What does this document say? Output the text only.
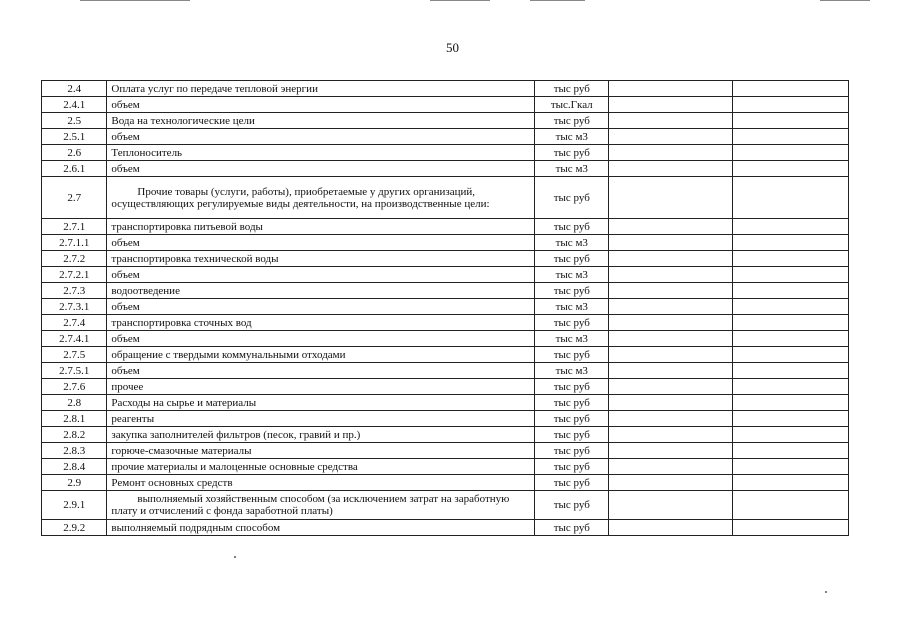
50
2.4	Оплата услуг по передаче тепловой энергии	тыс руб		
2.4.1	объем	тыс.Гкал		
2.5	Вода на технологические цели	тыс руб		
2.5.1	объем	тыс м3		
2.6	Теплоноситель	тыс руб		
2.6.1	объем	тыс м3		
2.7	Прочие товары (услуги, работы), приобретаемые у других организаций, осуществляющих регулируемые виды деятельности, на производственные цели:	тыс руб		
2.7.1	транспортировка питьевой воды	тыс руб		
2.7.1.1	объем	тыс м3		
2.7.2	транспортировка технической воды	тыс руб		
2.7.2.1	объем	тыс м3		
2.7.3	водоотведение	тыс руб		
2.7.3.1	объем	тыс м3		
2.7.4	транспортировка сточных вод	тыс руб		
2.7.4.1	объем	тыс м3		
2.7.5	обращение с твердыми коммунальными отходами	тыс руб		
2.7.5.1	объем	тыс м3		
2.7.6	прочее	тыс руб		
2.8	Расходы на сырье и материалы	тыс руб		
2.8.1	реагенты	тыс руб		
2.8.2	закупка заполнителей фильтров (песок, гравий и пр.)	тыс руб		
2.8.3	горюче-смазочные материалы	тыс руб		
2.8.4	прочие материалы и малоценные основные средства	тыс руб		
2.9	Ремонт основных средств	тыс руб		
2.9.1	выполняемый хозяйственным способом (за исключением затрат на заработную плату и отчислений с фонда заработной платы)	тыс руб		
2.9.2	выполняемый подрядным способом	тыс руб		
